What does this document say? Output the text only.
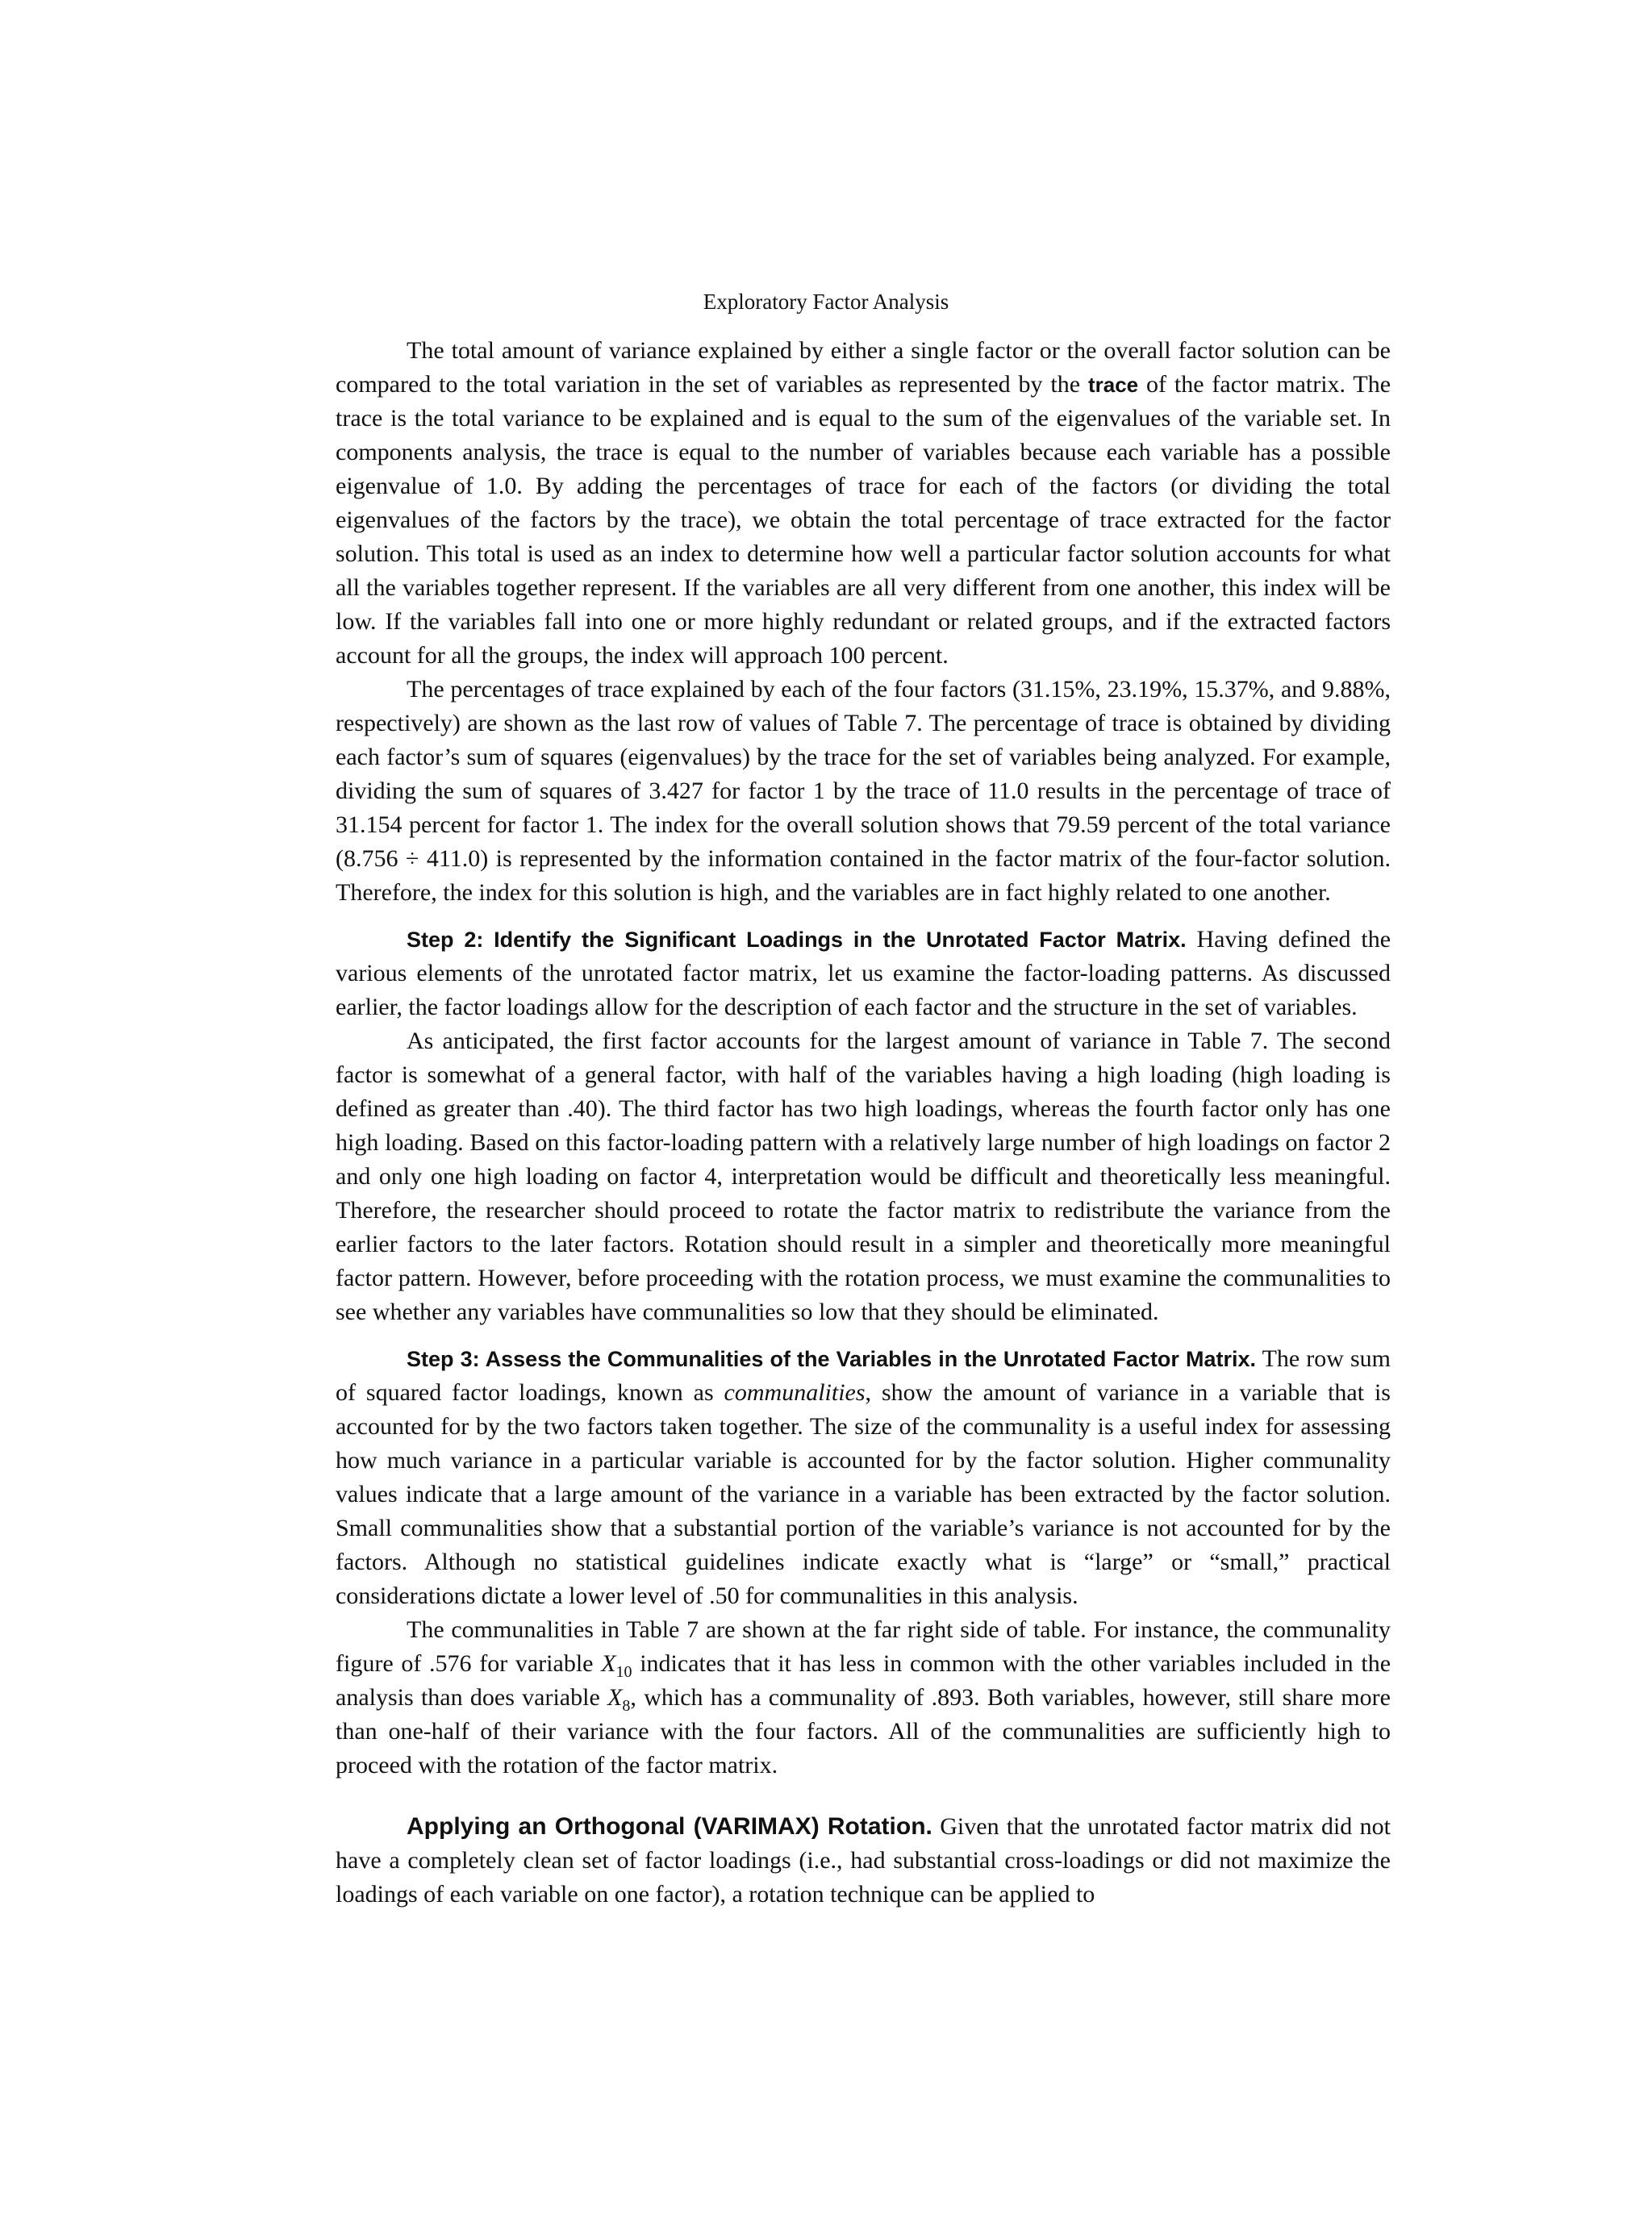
Exploratory Factor Analysis

The total amount of variance explained by either a single factor or the overall factor solution can be compared to the total variation in the set of variables as represented by the trace of the factor matrix. The trace is the total variance to be explained and is equal to the sum of the eigenvalues of the variable set. In components analysis, the trace is equal to the number of variables because each variable has a possible eigenvalue of 1.0. By adding the percentages of trace for each of the factors (or dividing the total eigenvalues of the factors by the trace), we obtain the total percentage of trace extracted for the factor solution. This total is used as an index to determine how well a particular factor solution accounts for what all the variables together represent. If the variables are all very different from one another, this index will be low. If the variables fall into one or more highly redundant or related groups, and if the extracted factors account for all the groups, the index will approach 100 percent.

The percentages of trace explained by each of the four factors (31.15%, 23.19%, 15.37%, and 9.88%, respectively) are shown as the last row of values of Table 7. The percentage of trace is obtained by dividing each factor’s sum of squares (eigenvalues) by the trace for the set of variables being analyzed. For example, dividing the sum of squares of 3.427 for factor 1 by the trace of 11.0 results in the percentage of trace of 31.154 percent for factor 1. The index for the overall solution shows that 79.59 percent of the total variance (8.756 ÷ 411.0) is represented by the information contained in the factor matrix of the four-factor solution. Therefore, the index for this solution is high, and the variables are in fact highly related to one another.

Step 2: Identify the Significant Loadings in the Unrotated Factor Matrix. Having defined the various elements of the unrotated factor matrix, let us examine the factor-loading patterns. As discussed earlier, the factor loadings allow for the description of each factor and the structure in the set of variables.

As anticipated, the first factor accounts for the largest amount of variance in Table 7. The second factor is somewhat of a general factor, with half of the variables having a high loading (high loading is defined as greater than .40). The third factor has two high loadings, whereas the fourth factor only has one high loading. Based on this factor-loading pattern with a relatively large number of high loadings on factor 2 and only one high loading on factor 4, interpretation would be difficult and theoretically less meaningful. Therefore, the researcher should proceed to rotate the factor matrix to redistribute the variance from the earlier factors to the later factors. Rotation should result in a simpler and theoretically more meaningful factor pattern. However, before proceeding with the rotation process, we must examine the communalities to see whether any variables have communalities so low that they should be eliminated.

Step 3: Assess the Communalities of the Variables in the Unrotated Factor Matrix. The row sum of squared factor loadings, known as communalities, show the amount of variance in a variable that is accounted for by the two factors taken together. The size of the communality is a useful index for assessing how much variance in a particular variable is accounted for by the factor solution. Higher communality values indicate that a large amount of the variance in a variable has been extracted by the factor solution. Small communalities show that a substantial portion of the variable’s variance is not accounted for by the factors. Although no statistical guidelines indicate exactly what is “large” or “small,” practical considerations dictate a lower level of .50 for communalities in this analysis.

The communalities in Table 7 are shown at the far right side of table. For instance, the communality figure of .576 for variable $X_{10}$ indicates that it has less in common with the other variables included in the analysis than does variable $X_8$, which has a communality of .893. Both variables, however, still share more than one-half of their variance with the four factors. All of the communalities are sufficiently high to proceed with the rotation of the factor matrix.

Applying an Orthogonal (VARIMAX) Rotation. Given that the unrotated factor matrix did not have a completely clean set of factor loadings (i.e., had substantial cross-loadings or did not maximize the loadings of each variable on one factor), a rotation technique can be applied to
